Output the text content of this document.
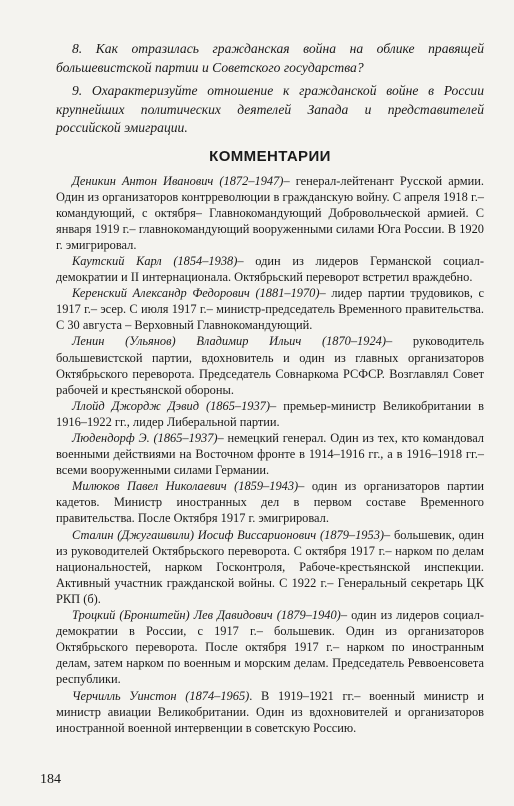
8. Как отразилась гражданская война на облике правящей большевистской партии и Советского государства?

9. Охарактеризуйте отношение к гражданской войне в России крупнейших политических деятелей Запада и представителей российской эмиграции.

КОММЕНТАРИИ

Деникин Антон Иванович (1872–1947)– генерал-лейтенант Русской армии. Один из организаторов контрреволюции в гражданскую войну. С апреля 1918 г.– командующий, с октября– Главнокомандующий Добровольческой армией. С января 1919 г.– главнокомандующий вооруженными силами Юга России. В 1920 г. эмигрировал.

Каутский Карл (1854–1938)– один из лидеров Германской социал-демократии и II интернационала. Октябрьский переворот встретил враждебно.

Керенский Александр Федорович (1881–1970)– лидер партии трудовиков, с 1917 г.– эсер. С июля 1917 г.– министр-председатель Временного правительства. С 30 августа – Верховный Главнокомандующий.

Ленин (Ульянов) Владимир Ильич (1870–1924)– руководитель большевистской партии, вдохновитель и один из главных организаторов Октябрьского переворота. Председатель Совнаркома РСФСР. Возглавлял Совет рабочей и крестьянской обороны.

Ллойд Джордж Дэвид (1865–1937)– премьер-министр Великобритании в 1916–1922 гг., лидер Либеральной партии.

Людендорф Э. (1865–1937)– немецкий генерал. Один из тех, кто командовал военными действиями на Восточном фронте в 1914–1916 гг., а в 1916–1918 гг.– всеми вооруженными силами Германии.

Милюков Павел Николаевич (1859–1943)– один из организаторов партии кадетов. Министр иностранных дел в первом составе Временного правительства. После Октября 1917 г. эмигрировал.

Сталин (Джугашвили) Иосиф Виссарионович (1879–1953)– большевик, один из руководителей Октябрьского переворота. С октября 1917 г.– нарком по делам национальностей, нарком Госконтроля, Рабоче-крестьянской инспекции. Активный участник гражданской войны. С 1922 г.– Генеральный секретарь ЦК РКП (б).

Троцкий (Бронштейн) Лев Давидович (1879–1940)– один из лидеров социал-демократии в России, с 1917 г.– большевик. Один из организаторов Октябрьского переворота. После октября 1917 г.– нарком по иностранным делам, затем нарком по военным и морским делам. Председатель Реввоенсовета республики.

Черчилль Уинстон (1874–1965). В 1919–1921 гг.– военный министр и министр авиации Великобритании. Один из вдохновителей и организаторов иностранной военной интервенции в советскую Россию.

184
